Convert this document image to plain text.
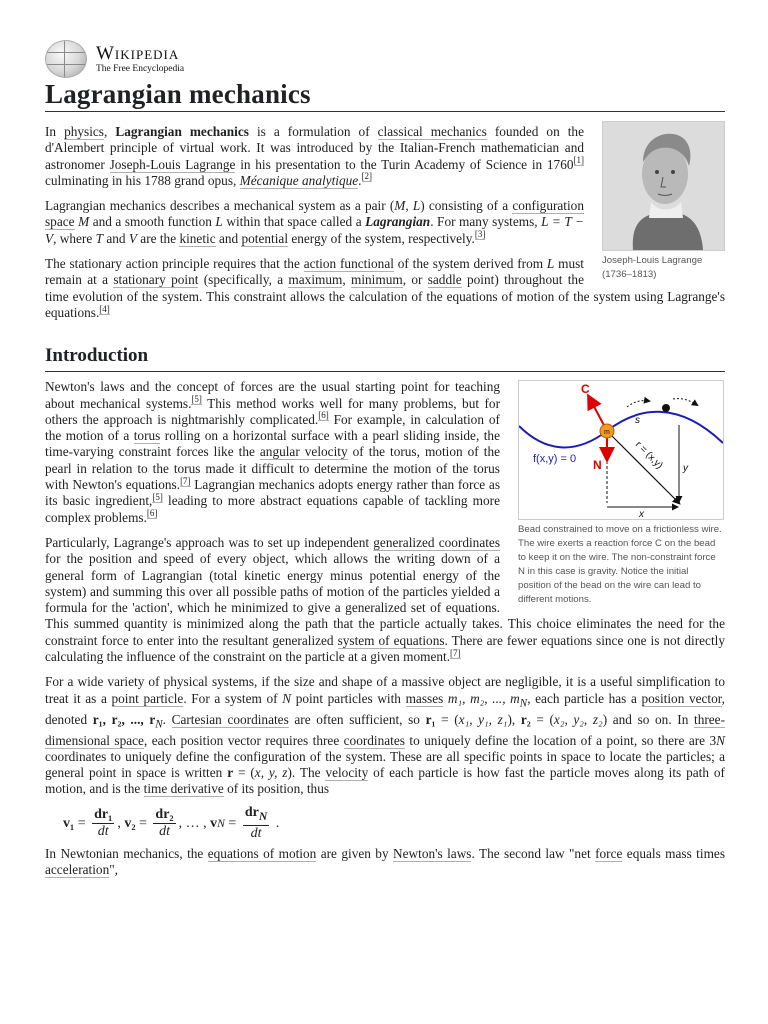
Wikipedia
The Free Encyclopedia
Lagrangian mechanics
Joseph-Louis Lagrange (1736–1813)

In physics, Lagrangian mechanics is a formulation of classical mechanics founded on the d'Alembert principle of virtual work. It was introduced by the Italian-French mathematician and astronomer Joseph-Louis Lagrange in his presentation to the Turin Academy of Science in 1760[1] culminating in his 1788 grand opus, Mécanique analytique.[2]

Lagrangian mechanics describes a mechanical system as a pair (M, L) consisting of a configuration space M and a smooth function L within that space called a Lagrangian. For many systems, L = T − V, where T and V are the kinetic and potential energy of the system, respectively.[3]

The stationary action principle requires that the action functional of the system derived from L must remain at a stationary point (specifically, a maximum, minimum, or saddle point) throughout the time evolution of the system. This constraint allows the calculation of the equations of motion of the system using Lagrange's equations.[4]

Introduction
C
N
m
s
f(x,y) = 0	r = (x,y)
x
y
Bead constrained to move on a frictionless wire. The wire exerts a reaction force C on the bead to keep it on the wire. The non-constraint force N in this case is gravity. Notice the initial position of the bead on the wire can lead to different motions.

Newton's laws and the concept of forces are the usual starting point for teaching about mechanical systems.[5] This method works well for many problems, but for others the approach is nightmarishly complicated.[6] For example, in calculation of the motion of a torus rolling on a horizontal surface with a pearl sliding inside, the time-varying constraint forces like the angular velocity of the torus, motion of the pearl in relation to the torus made it difficult to determine the motion of the torus with Newton's equations.[7] Lagrangian mechanics adopts energy rather than force as its basic ingredient,[5] leading to more abstract equations capable of tackling more complex problems.[6]

Particularly, Lagrange's approach was to set up independent generalized coordinates for the position and speed of every object, which allows the writing down of a general form of Lagrangian (total kinetic energy minus potential energy of the system) and summing this over all possible paths of motion of the particles yielded a formula for the 'action', which he minimized to give a generalized set of equations. This summed quantity is minimized along the path that the particle actually takes. This choice eliminates the need for the constraint force to enter into the resultant generalized system of equations. There are fewer equations since one is not directly calculating the influence of the constraint on the particle at a given moment.[7]

For a wide variety of physical systems, if the size and shape of a massive object are negligible, it is a useful simplification to treat it as a point particle. For a system of N point particles with masses m₁, m₂, ..., $m_N$, each particle has a position vector, denoted r₁, r₂, ..., $r_N$. Cartesian coordinates are often sufficient, so r₁ = (x₁, y₁, z₁), r₂ = (x₂, y₂, z₂) and so on. In three-dimensional space, each position vector requires three coordinates to uniquely define the location of a point, so there are 3N coordinates to uniquely define the configuration of the system. These are all specific points in space to locate the particles; a general point in space is written r = (x, y, z). The velocity of each particle is how fast the particle moves along its path of motion, and is the time derivative of its position, thus

$v_1 = \frac{\text{dr₁}}{dt}$ , $v_2 = \frac{\text{dr₂}}{dt}$ , … , v $N = \frac{dr_N}{dt}$ .

In Newtonian mechanics, the equations of motion are given by Newton's laws. The second law "net force equals mass times acceleration",
